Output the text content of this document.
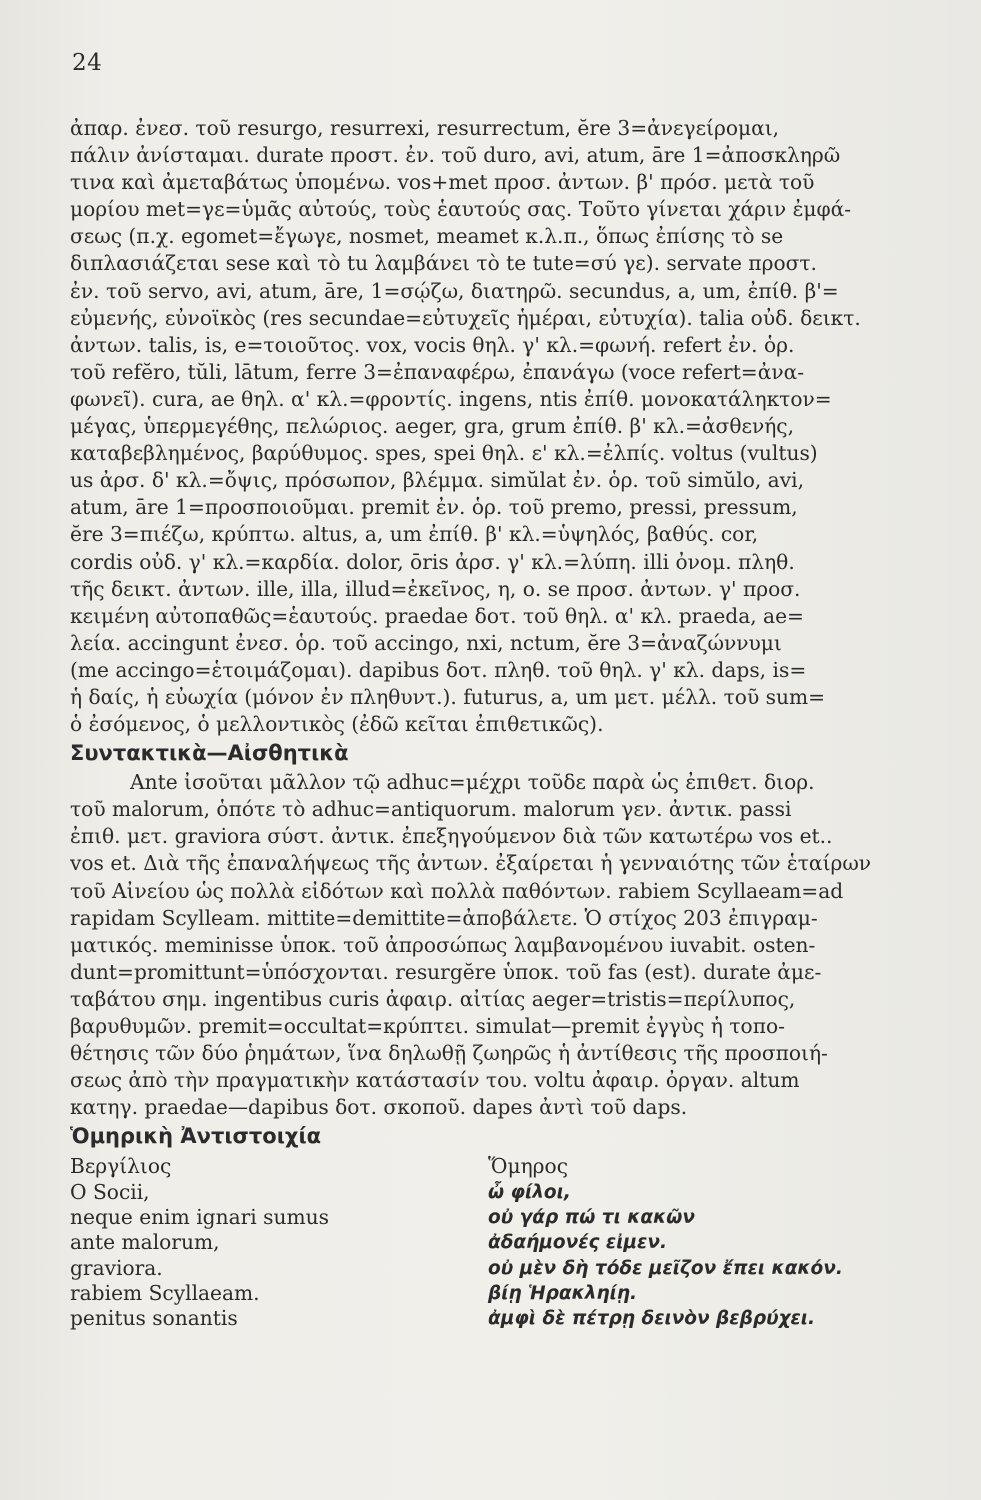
24
ἀπαρ. ἐνεσ. τοῦ resurgo, resurrexi, resurrectum, ĕre 3=ἀνεγείρομαι,
πάλιν ἀνίσταμαι. durate προστ. ἐν. τοῦ duro, avi, atum, āre 1=ἀποσκληρῶ
τινα καὶ ἀμεταβάτως ὑπομένω. vos+met προσ. ἀντων. β' πρόσ. μετὰ τοῦ
μορίου met=γε=ὑμᾶς αὐτούς, τοὺς ἑαυτούς σας. Τοῦτο γίνεται χάριν ἐμφά-
σεως (π.χ. egomet=ἔγωγε, nosmet, meamet κ.λ.π., ὅπως ἐπίσης τὸ se
διπλασιάζεται sese καὶ τὸ tu λαμβάνει τὸ te tute=σύ γε). servate προστ.
ἐν. τοῦ servo, avi, atum, āre, 1=σῴζω, διατηρῶ. secundus, a, um, ἐπίθ. β'=
εὐμενής, εὐνοϊκὸς (res secundae=εὐτυχεῖς ἡμέραι, εὐτυχία). talia οὐδ. δεικτ.
ἀντων. talis, is, e=τοιοῦτος. vox, vocis θηλ. γ' κλ.=φωνή. refert ἐν. ὁρ.
τοῦ refĕro, tŭli, lātum, ferre 3=ἐπαναφέρω, ἐπανάγω (voce refert=ἀνα-
φωνεῖ). cura, ae θηλ. α' κλ.=φροντίς. ingens, ntis ἐπίθ. μονοκατάληκτον=
μέγας, ὑπερμεγέθης, πελώριος. aeger, gra, grum ἐπίθ. β' κλ.=ἀσθενής,
καταβεβλημένος, βαρύθυμος. spes, spei θηλ. ε' κλ.=ἐλπίς. voltus (vultus)
us ἀρσ. δ' κλ.=ὄψις, πρόσωπον, βλέμμα. simŭlat ἐν. ὁρ. τοῦ simŭlo, avi,
atum, āre 1=προσποιοῦμαι. premit ἐν. ὁρ. τοῦ premo, pressi, pressum,
ĕre 3=πιέζω, κρύπτω. altus, a, um ἐπίθ. β' κλ.=ὑψηλός, βαθύς. cor,
cordis οὐδ. γ' κλ.=καρδία. dolor, ōris ἀρσ. γ' κλ.=λύπη. illi ὀνομ. πληθ.
τῆς δεικτ. ἀντων. ille, illa, illud=ἐκεῖνος, η, ο. se προσ. ἀντων. γ' προσ.
κειμένη αὐτοπαθῶς=ἑαυτούς. praedae δοτ. τοῦ θηλ. α' κλ. praeda, ae=
λεία. accingunt ἐνεσ. ὁρ. τοῦ accingo, nxi, nctum, ĕre 3=ἀναζώννυμι
(me accingo=ἑτοιμάζομαι). dapibus δοτ. πληθ. τοῦ θηλ. γ' κλ. daps, is=
ἡ δαίς, ἡ εὐωχία (μόνον ἐν πληθυντ.). futurus, a, um μετ. μέλλ. τοῦ sum=
ὁ ἐσόμενος, ὁ μελλοντικὸς (ἐδῶ κεῖται ἐπιθετικῶς).
Συντακτικὰ—Αἰσθητικὰ
Ante ἰσοῦται μᾶλλον τῷ adhuc=μέχρι τοῦδε παρὰ ὡς ἐπιθετ. διορ.
τοῦ malorum, ὁπότε τὸ adhuc=antiquorum. malorum γεν. ἀντικ. passi
ἐπιθ. μετ. graviora σύστ. ἀντικ. ἐπεξηγούμενον διὰ τῶν κατωτέρω vos et..
vos et. Διὰ τῆς ἐπαναλήψεως τῆς ἀντων. ἐξαίρεται ἡ γενναιότης τῶν ἑταίρων
τοῦ Αἰνείου ὡς πολλὰ εἰδότων καὶ πολλὰ παθόντων. rabiem Scyllaeam=ad
rapidam Scylleam. mittite=demittite=ἀποβάλετε. Ὁ στίχος 203 ἐπιγραμ-
ματικός. meminisse ὑποκ. τοῦ ἀπροσώπως λαμβανομένου iuvabit. osten-
dunt=promittunt=ὑπόσχονται. resurgĕre ὑποκ. τοῦ fas (est). durate ἀμε-
ταβάτου σημ. ingentibus curis ἀφαιρ. αἰτίας aeger=tristis=περίλυπος,
βαρυθυμῶν. premit=occultat=κρύπτει. simulat—premit ἐγγὺς ἡ τοπο-
θέτησις τῶν δύο ῥημάτων, ἵνα δηλωθῇ ζωηρῶς ἡ ἀντίθεσις τῆς προσποιή-
σεως ἀπὸ τὴν πραγματικὴν κατάστασίν του. voltu ἀφαιρ. ὀργαν. altum
κατηγ. praedae—dapibus δοτ. σκοποῦ. dapes ἀντὶ τοῦ daps.
Ὁμηρικὴ Ἀντιστοιχία
Βεργίλιος	Ὅμηρος
O Socii,	ὦ φίλοι,
neque enim ignari sumus	οὐ γάρ πώ τι κακῶν
ante malorum,	ἀδαήμονές εἰμεν.
graviora.	οὐ μὲν δὴ τόδε μεῖζον ἔπει κακόν.
rabiem Scyllaeam.	βίῃ Ἡρακληίῃ.
penitus sonantis	ἀμφὶ δὲ πέτρῃ δεινὸν βεβρύχει.
